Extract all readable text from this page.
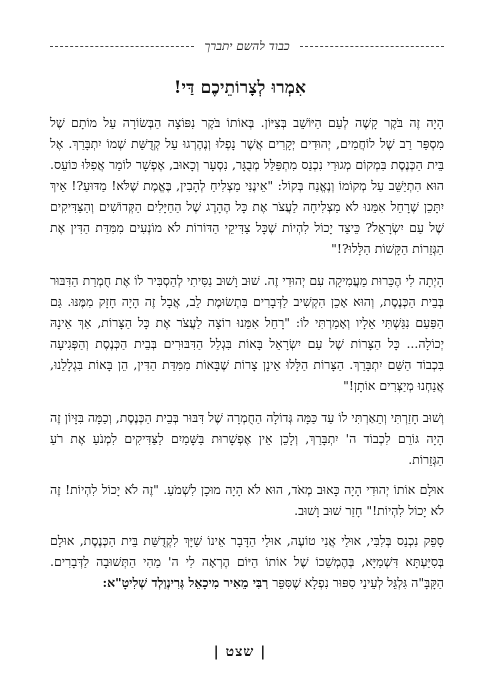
כבוד להשם יתברך
אִמְרוּ לְצָרוֹתֵיכֶם דַּי!

הָיָה זֶה בֹּקֶר קָשֶׁה לְעַם הַיּוֹשֵׁב בְּצִיּוֹן. בְּאוֹתוֹ בֹּקֶר נִפּוֹצָה הַבְּשׂוֹרָה עַל מוֹתָם שֶׁל מִסְפַּר רַב שֶׁל לוֹחֲמִים, יְהוּדִים יְקָרִים אֲשֶׁר נָפְלוּ וְנֶהֶרְגוּ עַל קְדֻשַּׁת שְׁמוֹ יִתְבָּרַךְ. אֶל בֵּית הַכְּנֶסֶת בִּמְקוֹם מְגוּרַי נִכְנַס מִתְפַּלֵּל מְבֻגָּר, נִסְעָר וְכָאוּב, אֶפְשָׁר לוֹמַר אֲפִלּוּ כּוֹעֵס. הוּא הִתְיַשֵּׁב עַל מְקוֹמוֹ וְנֶאֱנַח בְּקוֹל: "אֵינֶנִּי מַצְלִיחַ לְהָבִין, בֶּאֱמֶת שֶׁלֹּא! מַדּוּעַ?! אֵיךְ יִתָּכֵן שֶׁרָחֵל אִמֵּנוּ לֹא מַצְלִיחָה לַעֲצֹר אֶת כָּל הֶהָרֶג שֶׁל הַחַיָּלִים הַקְּדוֹשִׁים וְהַצַּדִּיקִים שֶׁל עַם יִשְׂרָאֵל? כֵּיצַד יָכוֹל לִהְיוֹת שֶׁכָּל צַדִּיקֵי הַדּוֹרוֹת לֹא מוֹנְעִים מִמִּדַּת הַדִּין אֶת הַגְּזֵרוֹת הַקָּשׁוֹת הַלָּלוּ?!"

הָיְתָה לִי הֶכֵּרוּת מַעֲמִיקָה עִם יְהוּדִי זֶה. שׁוּב וָשׁוּב נִסִּיתִי לְהַסְבִּיר לוֹ אֶת חֻמְרַת הַדִּבּוּר בְּבֵית הַכְּנֶסֶת, וְהוּא אָכֵן הִקְשִׁיב לַדְּבָרִים בִּתְשׂוּמֶת לֵב, אֲבָל זֶה הָיָה חָזָק מִמֶּנּוּ. גַּם הַפַּעַם נִגַּשְׁתִּי אֵלָיו וְאָמַרְתִּי לוֹ: "רָחֵל אִמֵּנוּ רוֹצָה לַעֲצֹר אֶת כָּל הַצָּרוֹת, אַךְ אֵינָהּ יְכוֹלָה... כָּל הַצָּרוֹת שֶׁל עַם יִשְׂרָאֵל בָּאוֹת בִּגְלַל הַדִּבּוּרִים בְּבֵית הַכְּנֶסֶת וְהַפְּגִיעָה בִּכְבוֹד הַשֵּׁם יִתְבָּרַךְ. הַצָּרוֹת הַלָּלוּ אֵינָן צָרוֹת שֶׁבָּאוֹת מִמִּדַּת הַדִּין, הֵן בָּאוֹת בִּגְלָלֵנוּ, אֲנַחְנוּ מְיַצְּרִים אוֹתָן!"

וְשׁוּב חָזַרְתִּי וְתֵאַרְתִּי לוֹ עַד כַּמָּה גְּדוֹלָה הַחֻמְרָה שֶׁל דִּבּוּר בְּבֵית הַכְּנֶסֶת, וְכַמָּה בִּזָּיוֹן זֶה הָיָה גּוֹרֵם לִכְבוֹד ה' יִתְבָּרַךְ, וְלָכֵן אֵין אֶפְשָׁרוּת בַּשָּׁמַיִם לַצַּדִּיקִים לִמְנֹעַ אֶת רֹעַ הַגְּזֵרוֹת.

אוּלָם אוֹתוֹ יְהוּדִי הָיָה כָּאוּב מְאֹד, הוּא לֹא הָיָה מוּכָן לִשְׁמֹעַ. "זֶה לֹא יָכוֹל לִהְיוֹת! זֶה לֹא יָכוֹל לִהְיוֹת!" חָזַר שׁוּב וָשׁוּב.

סָפֵק נִכְנַס בְּלִבִּי, אוּלַי אֲנִי טוֹעֶה, אוּלַי הַדָּבָר אֵינוֹ שַׁיָּךְ לִקְדֻשַּׁת בֵּית הַכְּנֶסֶת, אוּלָם בְּסִיַּעְתָּא דִּשְׁמַיָּא, בְּהֶמְשֵׁכוֹ שֶׁל אוֹתוֹ הַיּוֹם הֶרְאָה לִי ה' מַהִי הַתְּשׁוּבָה לַדְּבָרִים. הַקָּבָּ"ה גִּלְגֵּל לְעֵינַי סִפּוּר נִפְלָא שֶׁסִּפֵּר רַבִּי מֵאִיר מִיכָאֵל גְּרִינְוַלְד שְׁלִיטָ"א:

| שצט |
